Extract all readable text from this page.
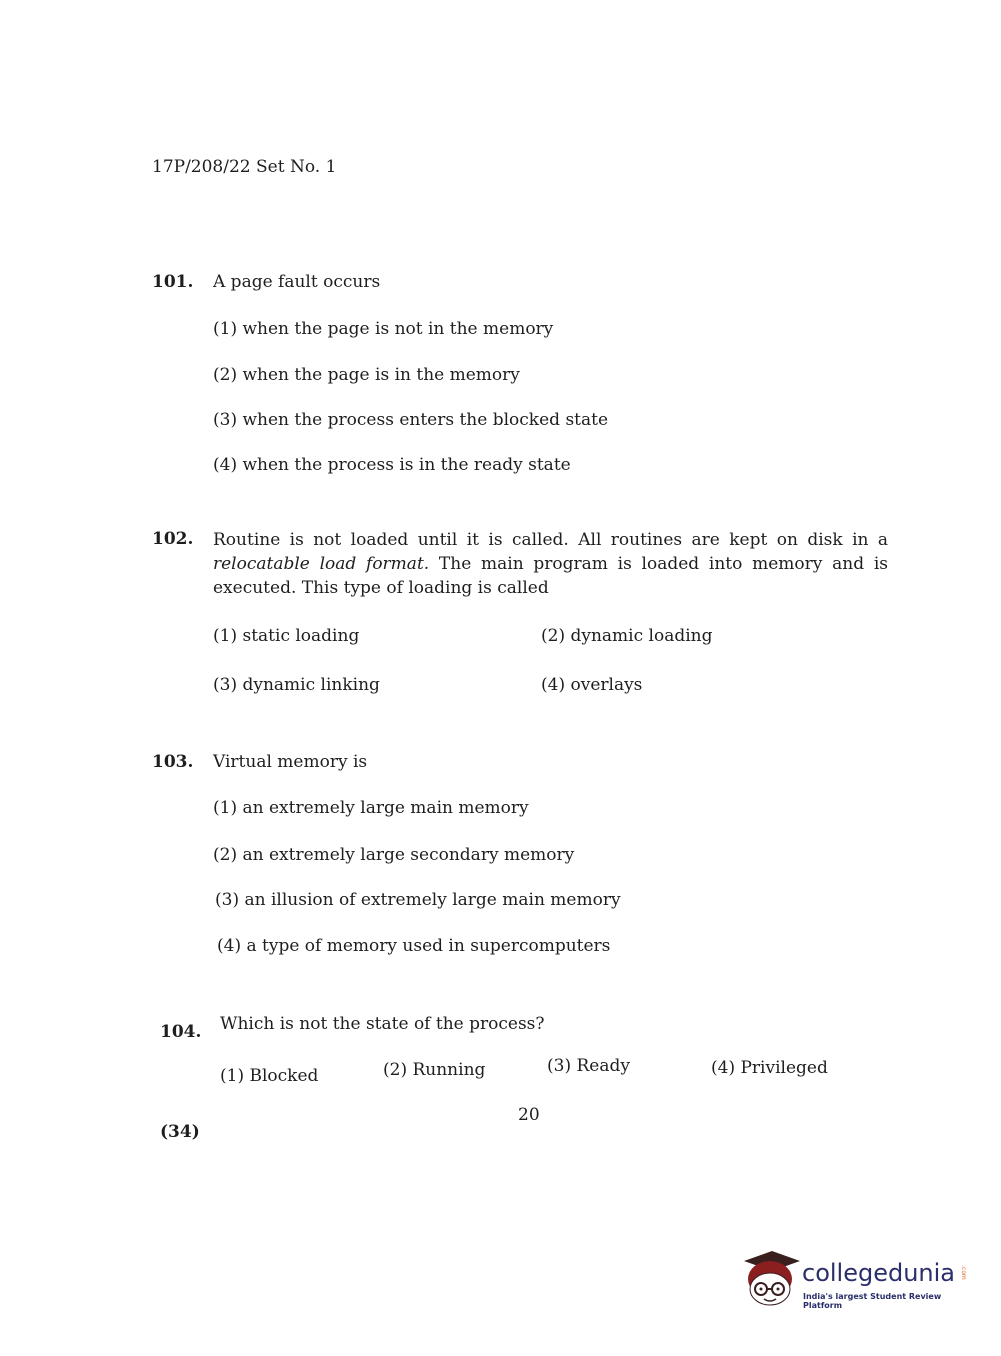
17P/208/22 Set No. 1
101. A page fault occurs
(1) when the page is not in the memory
(2) when the page is in the memory
(3) when the process enters the blocked state
(4) when the process is in the ready state
102. Routine is not loaded until it is called. All routines are kept on disk in a relocatable load format. The main program is loaded into memory and is executed. This type of loading is called
(1) static loading	(2) dynamic loading
(3) dynamic linking	(4) overlays
103. Virtual memory is
(1) an extremely large main memory
(2) an extremely large secondary memory
(3) an illusion of extremely large main memory
(4) a type of memory used in supercomputers
104. Which is not the state of the process?
(1) Blocked	(2) Running	(3) Ready	(4) Privileged
20
(34)
collegedunia .com
India's largest Student Review Platform
